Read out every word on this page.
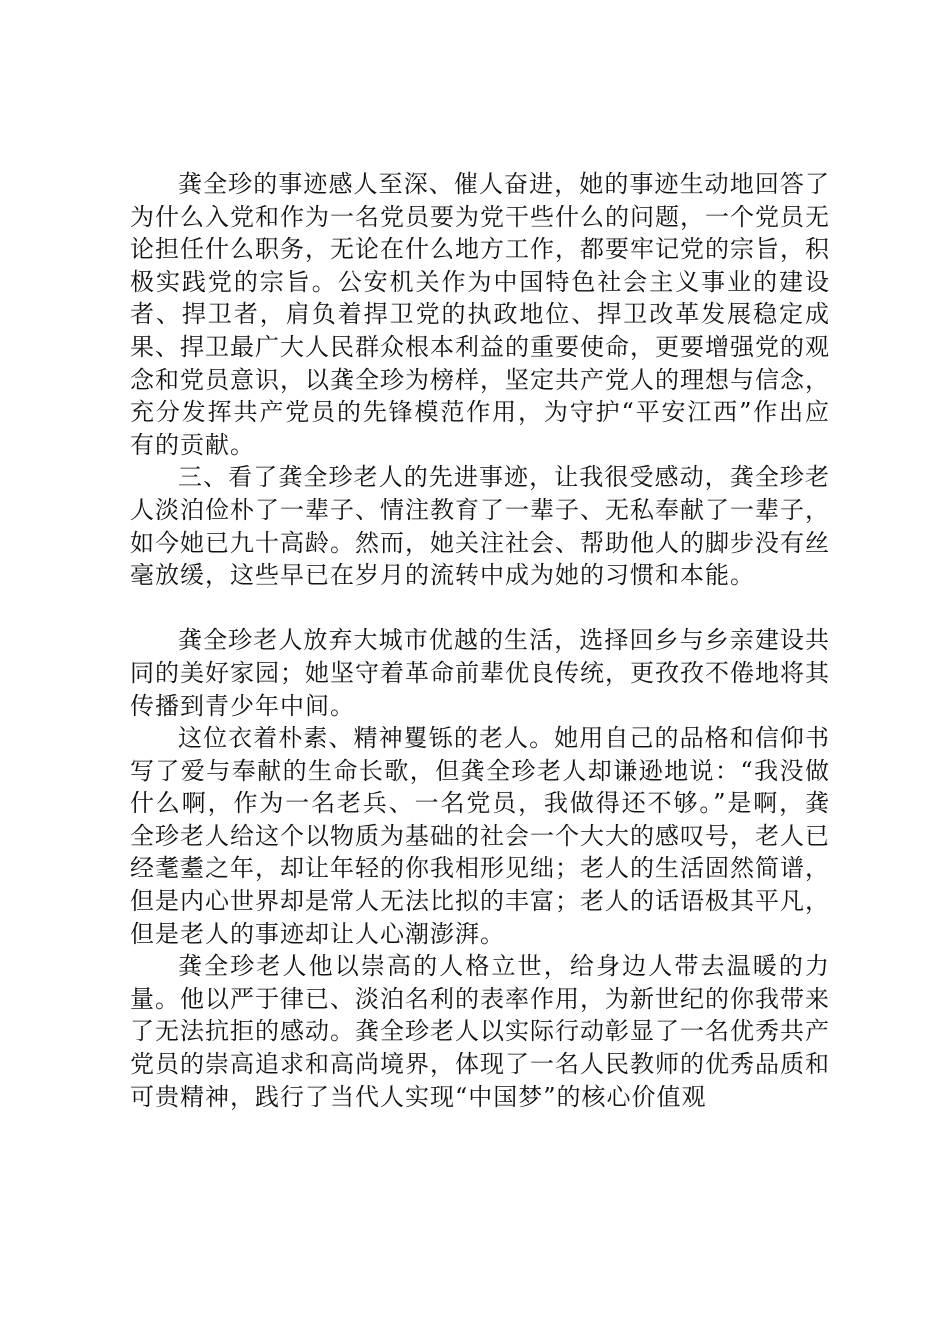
龚全珍的事迹感人至深、催人奋进，她的事迹生动地回答了为什么入党和作为一名党员要为党干些什么的问题，一个党员无论担任什么职务，无论在什么地方工作，都要牢记党的宗旨，积极实践党的宗旨。公安机关作为中国特色社会主义事业的建设者、捍卫者，肩负着捍卫党的执政地位、捍卫改革发展稳定成果、捍卫最广大人民群众根本利益的重要使命，更要增强党的观念和党员意识，以龚全珍为榜样，坚定共产党人的理想与信念，充分发挥共产党员的先锋模范作用，为守护“平安江西”作出应有的贡献。

三、看了龚全珍老人的先进事迹，让我很受感动，龚全珍老人淡泊俭朴了一辈子、情注教育了一辈子、无私奉献了一辈子，如今她已九十高龄。然而，她关注社会、帮助他人的脚步没有丝毫放缓，这些早已在岁月的流转中成为她的习惯和本能。

龚全珍老人放弃大城市优越的生活，选择回乡与乡亲建设共同的美好家园；她坚守着革命前辈优良传统，更孜孜不倦地将其传播到青少年中间。

这位衣着朴素、精神矍铄的老人。她用自己的品格和信仰书写了爱与奉献的生命长歌，但龚全珍老人却谦逊地说：“我没做什么啊，作为一名老兵、一名党员，我做得还不够。”是啊，龚全珍老人给这个以物质为基础的社会一个大大的感叹号，老人已经耄耋之年，却让年轻的你我相形见绌；老人的生活固然简谱，但是内心世界却是常人无法比拟的丰富；老人的话语极其平凡，但是老人的事迹却让人心潮澎湃。

龚全珍老人他以崇高的人格立世，给身边人带去温暖的力量。他以严于律已、淡泊名利的表率作用，为新世纪的你我带来了无法抗拒的感动。龚全珍老人以实际行动彰显了一名优秀共产党员的崇高追求和高尚境界，体现了一名人民教师的优秀品质和可贵精神，践行了当代人实现“中国梦”的核心价值观
